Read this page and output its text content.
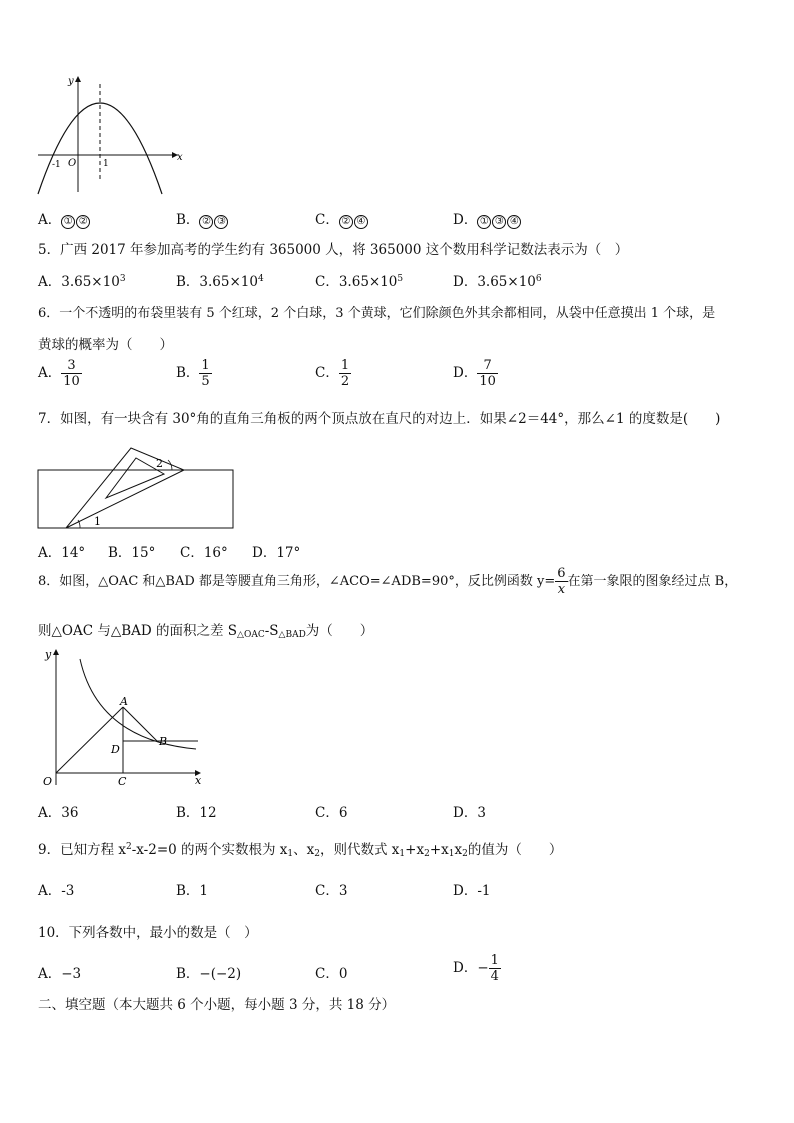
y
x
O
-1	1
A． ① ②	B． ② ③	C． ② ④	D． ① ③ ④
5．广西 2017 年参加高考的学生约有 365000 人，将 365000 这个数用科学记数法表示为（　）
A．$3.65\times 10^3$	B．$3.65\times 10^4$	C．$3.65\times 10^5$	D．$3.65\times 10^6$
6．一个不透明的布袋里装有 5 个红球，2 个白球，3 个黄球，它们除颜色外其余都相同，从袋中任意摸出 1 个球，是
黄球的概率为（　　）
A． $\frac{3}{10}$	B． $\frac{1}{5}$	C． $\frac{1}{2}$	D． $\frac{7}{10}$
7．如图，有一块含有 30°角的直角三角板的两个顶点放在直尺的对边上．如果∠2＝44°，那么∠1 的度数是(　　)
2
1
A．14° B．15° C．16° D．17°
8．如图，△OAC 和△BAD 都是等腰直角三角形，∠ACO=∠ADB=90°，反比例函数 $y= \frac{6}{x}$ 在第一象限的图象经过点 B，
则△OAC 与△BAD 的面积之差 $S_{\triangle OAC}-S_{\triangle BAD}$为（　　）
y
x
O
A
B
C
D
A．36	B．12	C．6	D．3
9．已知方程 $x^2-x-2=0$ 的两个实数根为 $x_1$、$x_2$，则代数式 $x_1+x_2+x_1x_2$的值为（　　）
A．-3	B．1	C．3	D．-1
10．下列各数中，最小的数是（　）
A．−3	B．−(−2)	C．0	D．− $\frac{1}{4}$
二、填空题（本大题共 6 个小题，每小题 3 分，共 18 分）
